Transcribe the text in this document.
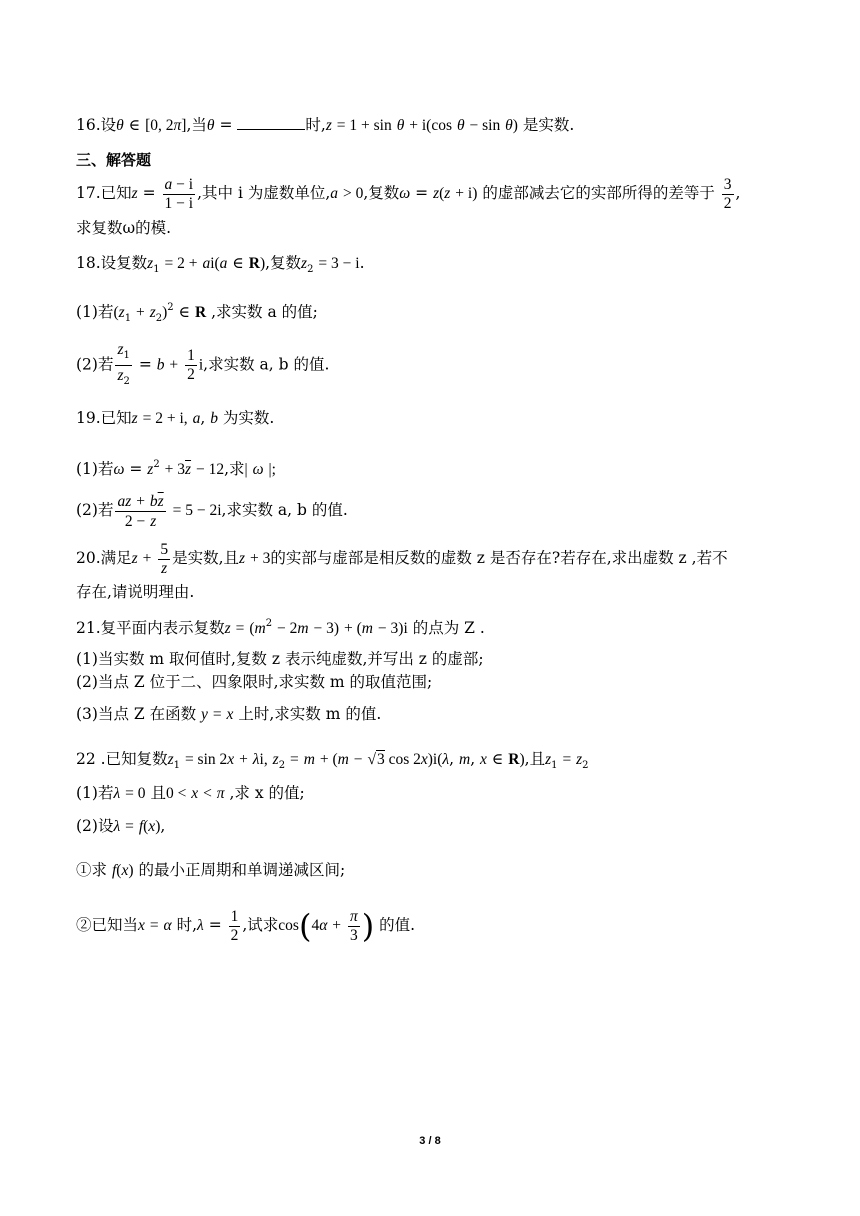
16.设θ ∈ [0, 2π],当θ =	时,z = 1 + sin θ + i(cos θ − sin θ) 是实数.
三、解答题
17.已知$z = \frac{a - i}{1 - i}$ ,其中 i 为虚数单位,a > 0,复数ω = z(z + i) 的虚部减去它的实部所得的差等于 $\frac{3}{2}$ ,
求复数ω的模.
18.设复数$z_1 = 2 + ai(a$ ∈ R),复数$z_2 = 3 - i$.
(1)若$(z_1 + z_2)^2$ ∈ R ,求实数 a 的值;
(2)若 $\frac{z_1}{z_2} = b + \frac{1}{2} i$,求实数 a, b 的值.
19.已知z = 2 + i, a, b 为实数.
(1)若$\omega = z^2 + 3\overline{z} - 12$,求| ω |;
(2)若 $\frac{az + b\overline{z}}{2 - z} = 5 - 2i$,求实数 a, b 的值.
20.满足$z + \frac{5}{z}$ 是实数,且z + 3的实部与虚部是相反数的虚数 z 是否存在?若存在,求出虚数 z ,若不
存在,请说明理由.
21.复平面内表示复数$z = (m^2 - 2m - 3) + (m - 3)i$ 的点为 Z .
(1)当实数 m 取何值时,复数 z 表示纯虚数,并写出 z 的虚部;
(2)当点 Z 位于二、四象限时,求实数 m 的取值范围;
(3)当点 Z 在函数 y = x 上时,求实数 m 的值.
22 .已知复数$z_1 = \sin 2x + \lambda i$, $z_2 = m + (m - √3$ cos 2x)i(λ, m, x ∈ R),且$z_1 = z_2$
(1)若λ = 0 且0 < x < π ,求 x 的值;
(2)设λ = f(x),
①求 f(x) 的最小正周期和单调递减区间;
②已知当x = α 时$,\lambda = \frac{1}{2}$ ,试求$\cos(4\alpha + \frac{\pi}{3}$ ) 的值.
3 / 8
